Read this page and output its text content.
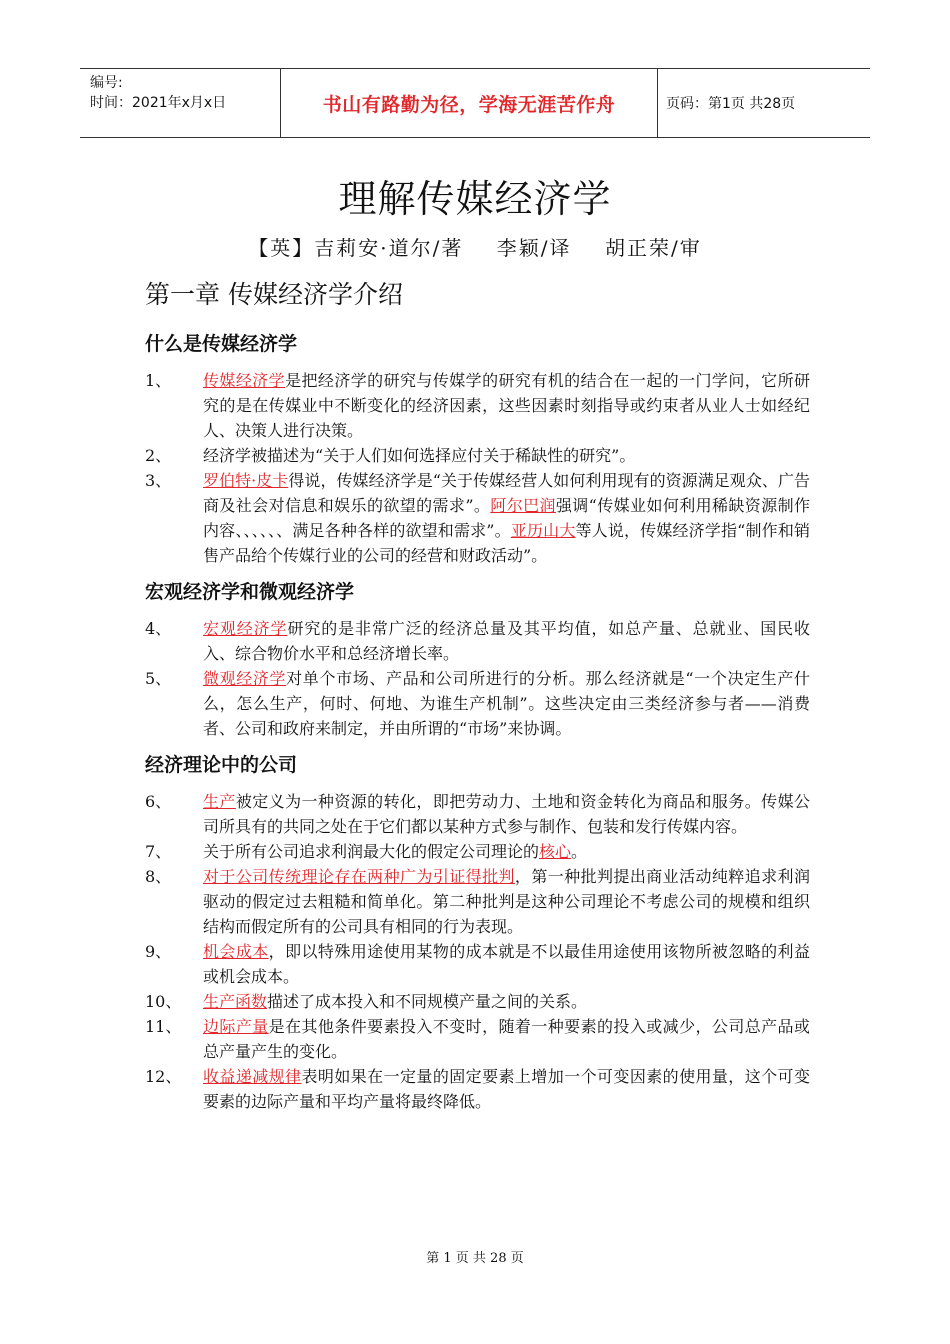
编号:
时间：2021年x月x日	书山有路勤为径，学海无涯苦作舟	页码：第1页 共28页
理解传媒经济学
【英】吉莉安·道尔/著    李颖/译    胡正荣/审
第一章 传媒经济学介绍
什么是传媒经济学
1、	传媒经济学是把经济学的研究与传媒学的研究有机的结合在一起的一门学问，它所研究的是在传媒业中不断变化的经济因素，这些因素时刻指导或约束者从业人士如经纪人、决策人进行决策。
2、	经济学被描述为“关于人们如何选择应付关于稀缺性的研究”。
3、	罗伯特·皮卡得说，传媒经济学是“关于传媒经营人如何利用现有的资源满足观众、广告商及社会对信息和娱乐的欲望的需求”。阿尔巴润强调“传媒业如何利用稀缺资源制作内容、、、、、、满足各种各样的欲望和需求”。亚历山大等人说，传媒经济学指“制作和销售产品给个传媒行业的公司的经营和财政活动”。
宏观经济学和微观经济学
4、	宏观经济学研究的是非常广泛的经济总量及其平均值，如总产量、总就业、国民收入、综合物价水平和总经济增长率。
5、	微观经济学对单个市场、产品和公司所进行的分析。那么经济就是“一个决定生产什么，怎么生产，何时、何地、为谁生产机制”。这些决定由三类经济参与者——消费者、公司和政府来制定，并由所谓的“市场”来协调。
经济理论中的公司
6、	生产被定义为一种资源的转化，即把劳动力、土地和资金转化为商品和服务。传媒公司所具有的共同之处在于它们都以某种方式参与制作、包装和发行传媒内容。
7、	关于所有公司追求利润最大化的假定公司理论的核心。
8、	对于公司传统理论存在两种广为引证得批判，第一种批判提出商业活动纯粹追求利润驱动的假定过去粗糙和简单化。第二种批判是这种公司理论不考虑公司的规模和组织结构而假定所有的公司具有相同的行为表现。
9、	机会成本，即以特殊用途使用某物的成本就是不以最佳用途使用该物所被忽略的利益或机会成本。
10、	生产函数描述了成本投入和不同规模产量之间的关系。
11、	边际产量是在其他条件要素投入不变时，随着一种要素的投入或减少，公司总产品或总产量产生的变化。
12、	收益递减规律表明如果在一定量的固定要素上增加一个可变因素的使用量，这个可变要素的边际产量和平均产量将最终降低。
第 1 页 共 28 页
